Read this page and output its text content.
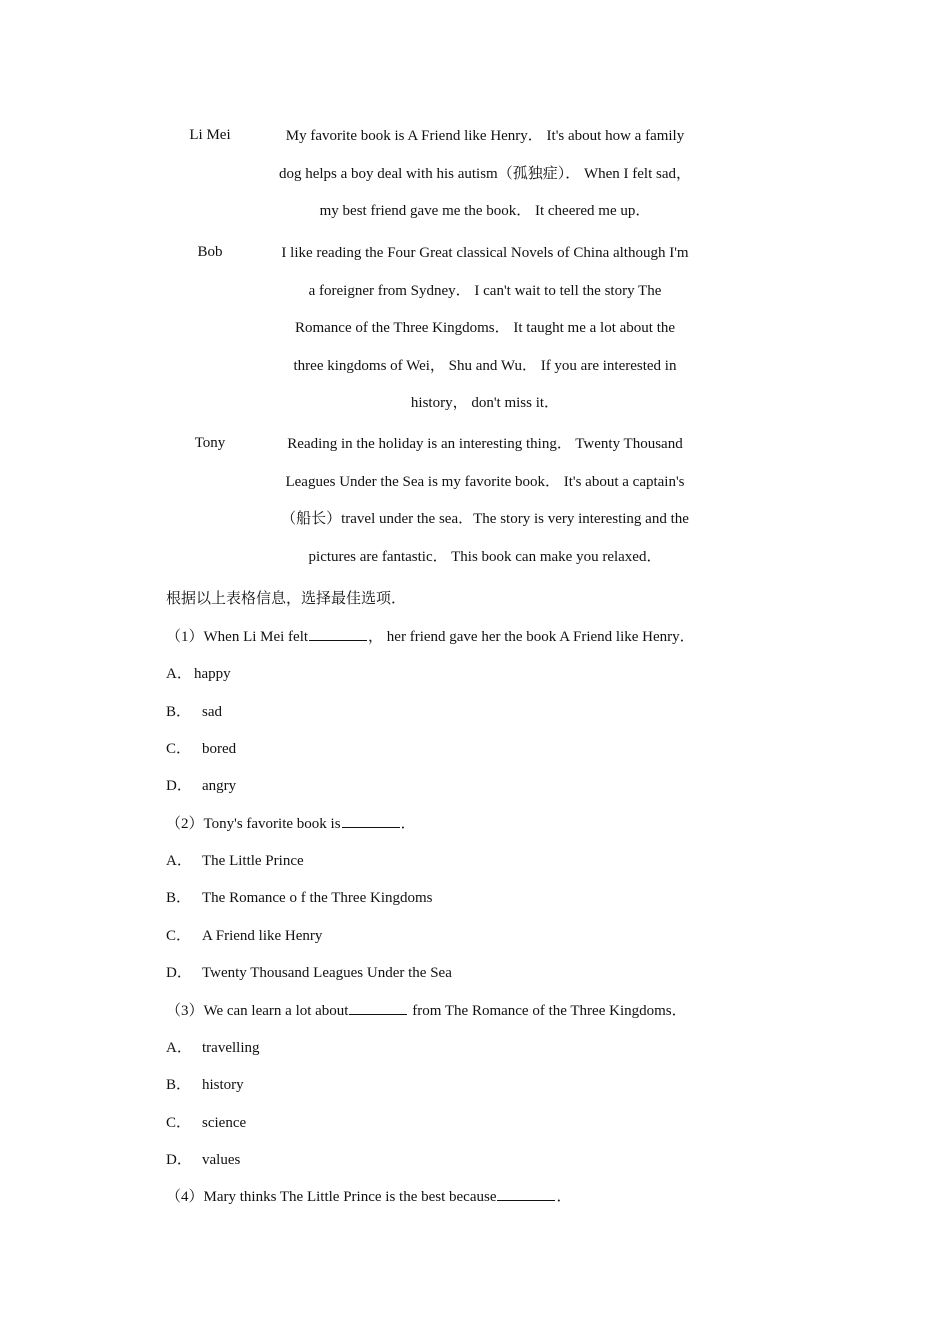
Li Mei	My favorite book is A Friend like Henry． It's about how a family
dog helps a boy deal with his autism（孤独症）． When I felt sad，
my best friend gave me the book． It cheered me up．
Bob	I like reading the Four Great classical Novels of China although I'm
a foreigner from Sydney． I can't wait to tell the story The
Romance of the Three Kingdoms． It taught me a lot about the
three kingdoms of Wei， Shu and Wu． If you are interested in
history， don't miss it．
Tony	Reading in the holiday is an interesting thing． Twenty Thousand
Leagues Under the Sea is my favorite book． It's about a captain's
（船长）travel under the sea．The story is very interesting and the
pictures are fantastic． This book can make you relaxed．
根据以上表格信息，选择最佳选项．
（1）When Li Mei felt	， her friend gave her the book A Friend like Henry．
A． happy
B． sad
C． bored
D． angry
（2）Tony's favorite book is	．
A． The Little Prince
B． The Romance o f the Three Kingdoms
C． A Friend like Henry
D． Twenty Thousand Leagues Under the Sea
（3）We can learn a lot about	from The Romance of the Three Kingdoms．
A． travelling
B． history
C． science
D． values
（4）Mary thinks The Little Prince is the best because	．
